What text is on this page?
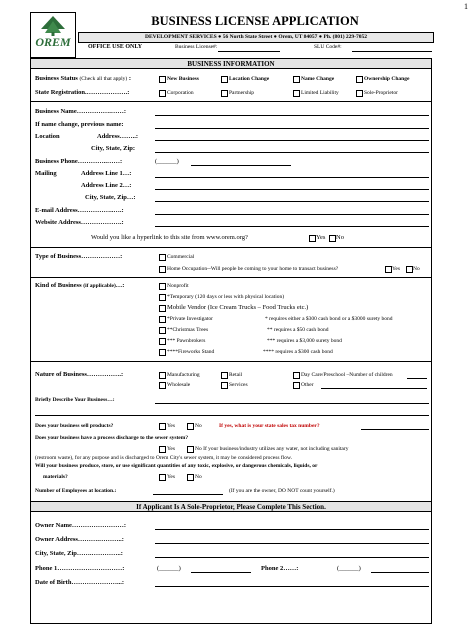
1
OREM
BUSINESS LICENSE APPLICATION
DEVELOPMENT SERVICES ● 56 North State Street ● Orem, UT 84057 ● Ph. (801) 229-7052
OFFICE USE ONLY	Business License#:	SLU Code#:
BUSINESS INFORMATION
Business Status (Check all that apply) :	New Business	Location Change	Name Change	Ownership Change
State Registration.……………….:	Corporation	Partnership	Limited Liability	Sole-Proprietor
Business Name…………….……:
If name change, previous name:
Location	Address……..:
City, State, Zip:
Business Phone…………..……:	(______)
Mailing	Address Line 1…:
Address Line 2…:
City, State, Zip…:
E-mail Address……………..….:
Website Address……………….:
Would you like a hyperlink to this site from www.orem.org?	Yes No
Type of Business………………:	Commercial
Home Occupation--Will people be coming to your home to transact business?	Yes No
Kind of Business (if applicable)…:	Nonprofit
*Temporary (120 days or less with physical location)
Mobile Vendor (Ice Cream Trucks – Food Trucks etc.)
*Private Investigator	* requires either a $300 cash bond or a $3000 surety bond
**Christmas Trees	** requires a $50 cash bond
*** Pawnbrokers	*** requires a $3,000 surety bond
****Fireworks Stand	**** requires a $300 cash bond
Nature of Business…………….:	Manufacturing	Retail	Day Care/Preschool –Number of children
Wholesale	Services	Other
Briefly Describe Your Business…:
Does your business sell products?	Yes	No	If yes, what is your state sales tax number?
Does your business have a process discharge to the sewer system?
Yes	No If your business/industry utilizes any water, not including sanitary
(restroom waste), for any purpose and is discharged to Orem City's sewer system, it may be considered process flow.
Will your business produce, store, or use significant quantities of any toxic, explosive, or dangerous chemicals, liquids, or
materials?	Yes	No
Number of Employees at location.:	(If you are the owner, DO NOT count yourself.)
If Applicant Is A Sole-Proprietor, Please Complete This Section.
Owner Name……………………:
Owner Address……….………..:
City, State, Zip…….…………..:
Phone 1…………………………:	(______)	Phone 2……:	(______)
Date of Birth…………………...:
